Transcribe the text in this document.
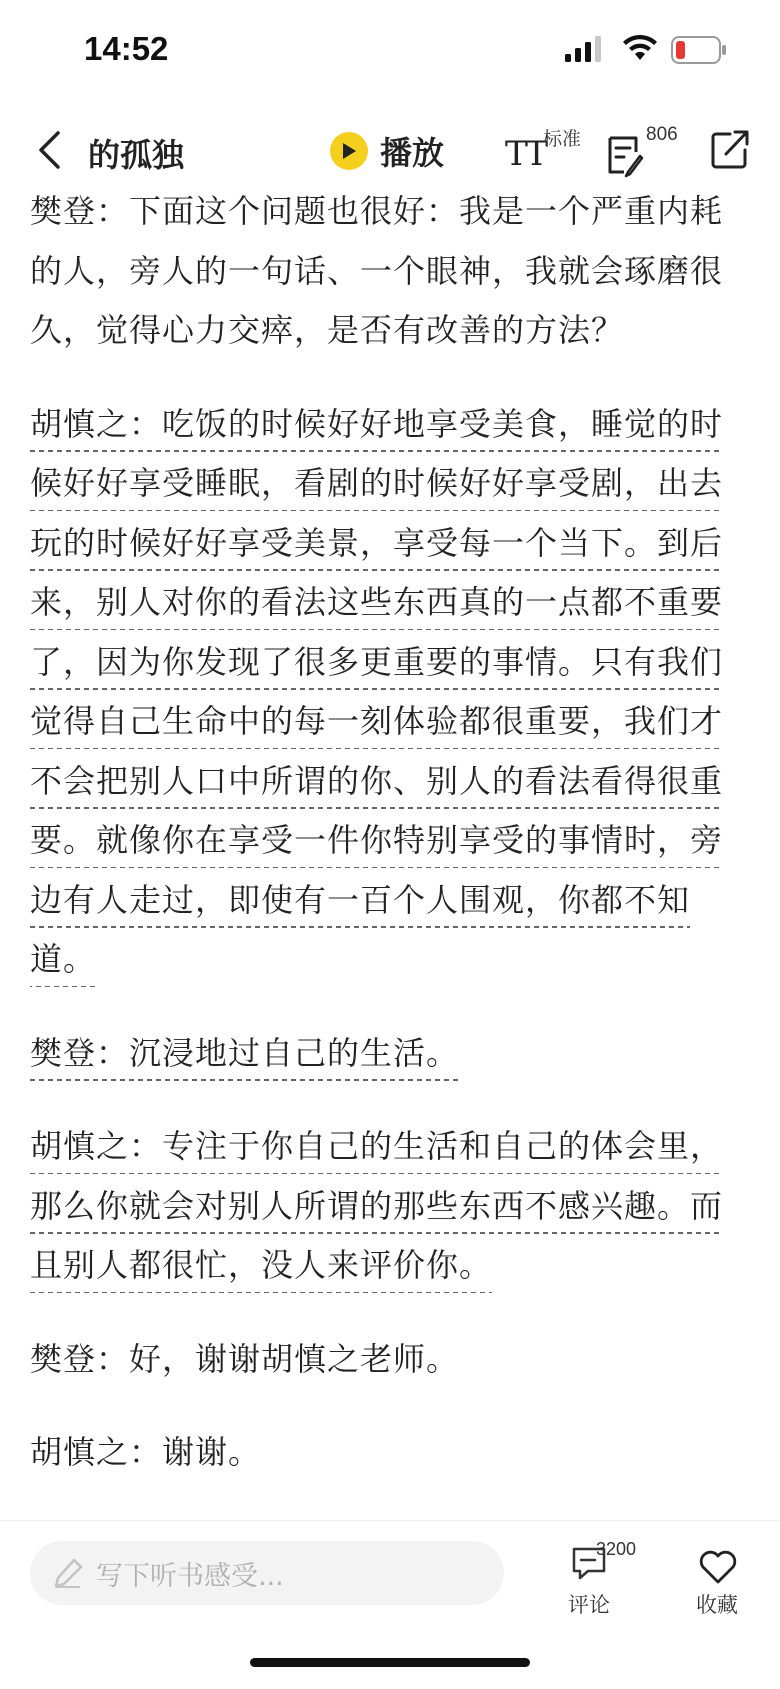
14:52
的孤独	播放 TT
标准	806

樊登：下面这个问题也很好：我是一个严重内耗的人，旁人的一句话、一个眼神，我就会琢磨很久，觉得心力交瘁，是否有改善的方法？

胡慎之：吃饭的时候好好地享受美食，睡觉的时候好好享受睡眠，看剧的时候好好享受剧，出去玩的时候好好享受美景，享受每一个当下。到后来，别人对你的看法这些东西真的一点都不重要了，因为你发现了很多更重要的事情。只有我们觉得自己生命中的每一刻体验都很重要，我们才不会把别人口中所谓的你、别人的看法看得很重要。就像你在享受一件你特别享受的事情时，旁边有人走过，即使有一百个人围观，你都不知道。

樊登：沉浸地过自己的生活。

胡慎之：专注于你自己的生活和自己的体会里，那么你就会对别人所谓的那些东西不感兴趣。而且别人都很忙，没人来评价你。

樊登：好，谢谢胡慎之老师。

胡慎之：谢谢。

写下听书感受...
3200
评论	收藏
